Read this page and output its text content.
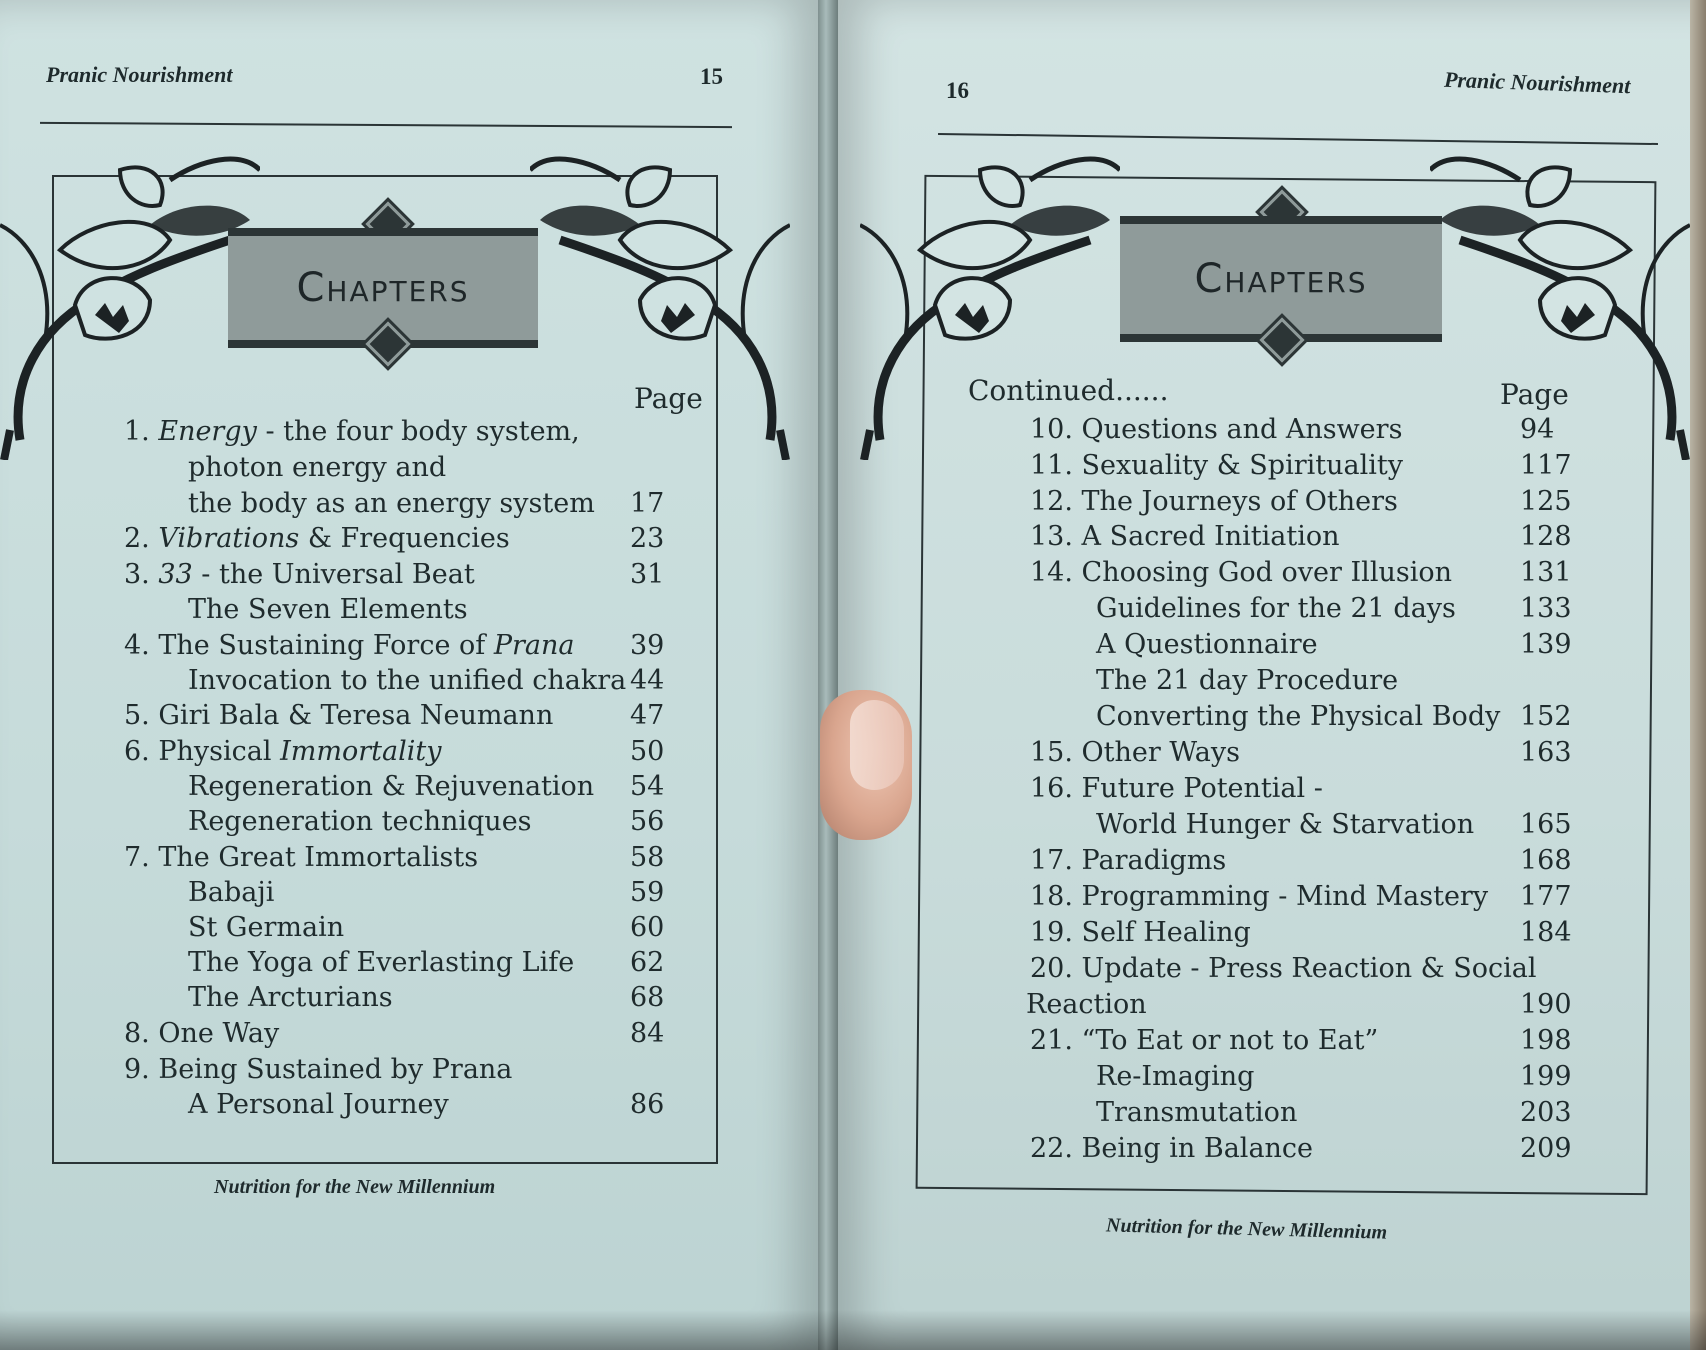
Pranic Nourishment	15
Chapters
Page
1. Energy - the four body system,
photon energy and
the body as an energy system 17
2. Vibrations & Frequencies	23
3. 33 - the Universal Beat	31
The Seven Elements
4. The Sustaining Force of Prana 39
Invocation to the unified chakra 44
5. Giri Bala & Teresa Neumann	47
6. Physical Immortality	50
Regeneration & Rejuvenation 54
Regeneration techniques	56
7. The Great Immortalists	58
Babaji	59
St Germain	60
The Yoga of Everlasting Life 62
The Arcturians	68
8. One Way	84
9. Being Sustained by Prana
A Personal Journey	86
Nutrition for the New Millennium
16	Pranic Nourishment
Chapters
Continued......	Page
10. Questions and Answers	94
11. Sexuality & Spirituality	117
12. The Journeys of Others	125
13. A Sacred Initiation	128
14. Choosing God over Illusion	131
Guidelines for the 21 days 133
A Questionnaire	139
The 21 day Procedure
Converting the Physical Body 152
15. Other Ways	163
16. Future Potential -
World Hunger & Starvation 165
17. Paradigms	168
18. Programming - Mind Mastery 177
19. Self Healing	184
20. Update - Press Reaction & Social
Reaction	190
21. “To Eat or not to Eat”	198
Re-Imaging	199
Transmutation	203
22. Being in Balance	209
Nutrition for the New Millennium
